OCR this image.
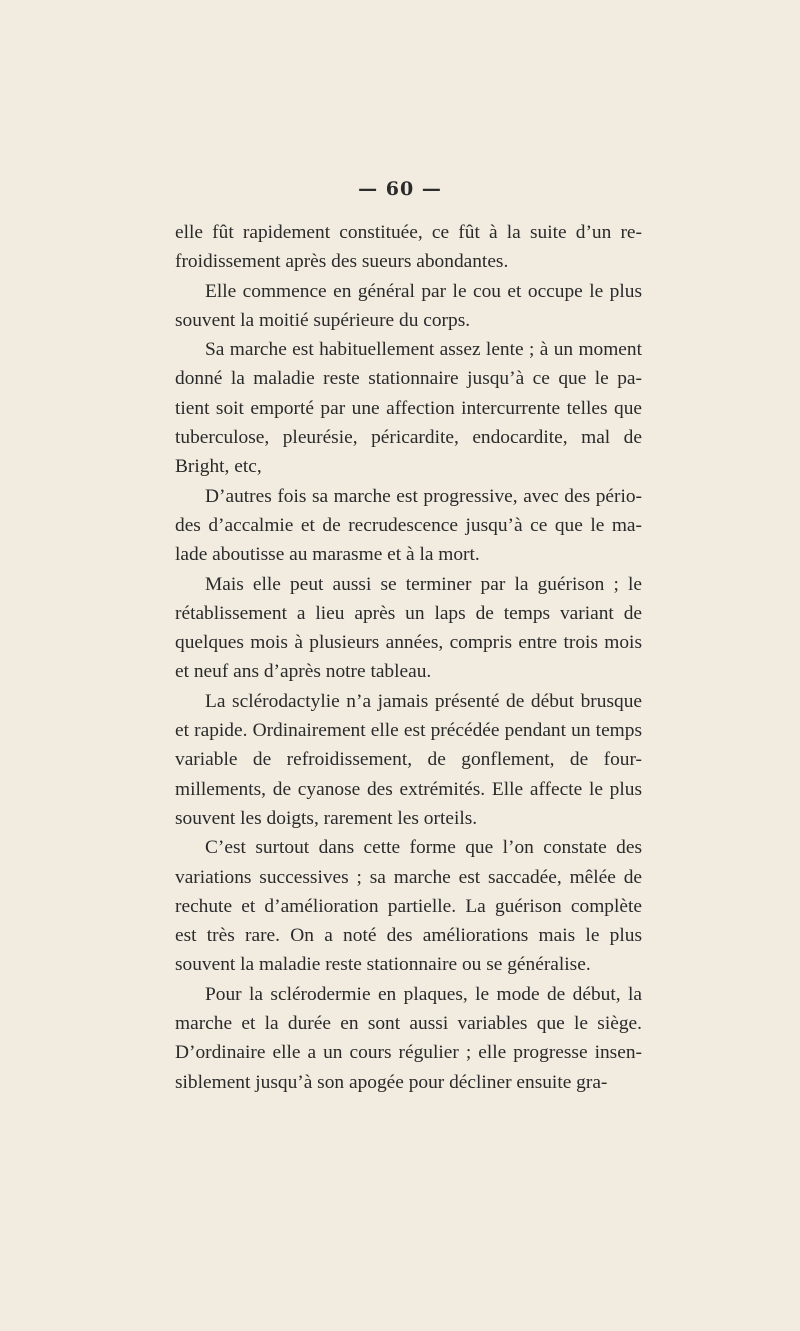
— 60 —

elle fût rapidement constituée, ce fût à la suite d’un re-froidissement après des sueurs abondantes.

Elle commence en général par le cou et occupe le plus souvent la moitié supérieure du corps.

Sa marche est habituellement assez lente ; à un moment donné la maladie reste stationnaire jusqu’à ce que le pa-tient soit emporté par une affection intercurrente telles que tuberculose, pleurésie, péricardite, endocardite, mal de Bright, etc,

D’autres fois sa marche est progressive, avec des pério-des d’accalmie et de recrudescence jusqu’à ce que le ma-lade aboutisse au marasme et à la mort.

Mais elle peut aussi se terminer par la guérison ; le rétablissement a lieu après un laps de temps variant de quelques mois à plusieurs années, compris entre trois mois et neuf ans d’après notre tableau.

La sclérodactylie n’a jamais présenté de début brusque et rapide. Ordinairement elle est précédée pendant un temps variable de refroidissement, de gonflement, de four-millements, de cyanose des extrémités. Elle affecte le plus souvent les doigts, rarement les orteils.

C’est surtout dans cette forme que l’on constate des variations successives ; sa marche est saccadée, mêlée de rechute et d’amélioration partielle. La guérison complète est très rare. On a noté des améliorations mais le plus souvent la maladie reste stationnaire ou se généralise.

Pour la sclérodermie en plaques, le mode de début, la marche et la durée en sont aussi variables que le siège. D’ordinaire elle a un cours régulier ; elle progresse insen-siblement jusqu’à son apogée pour décliner ensuite gra-
